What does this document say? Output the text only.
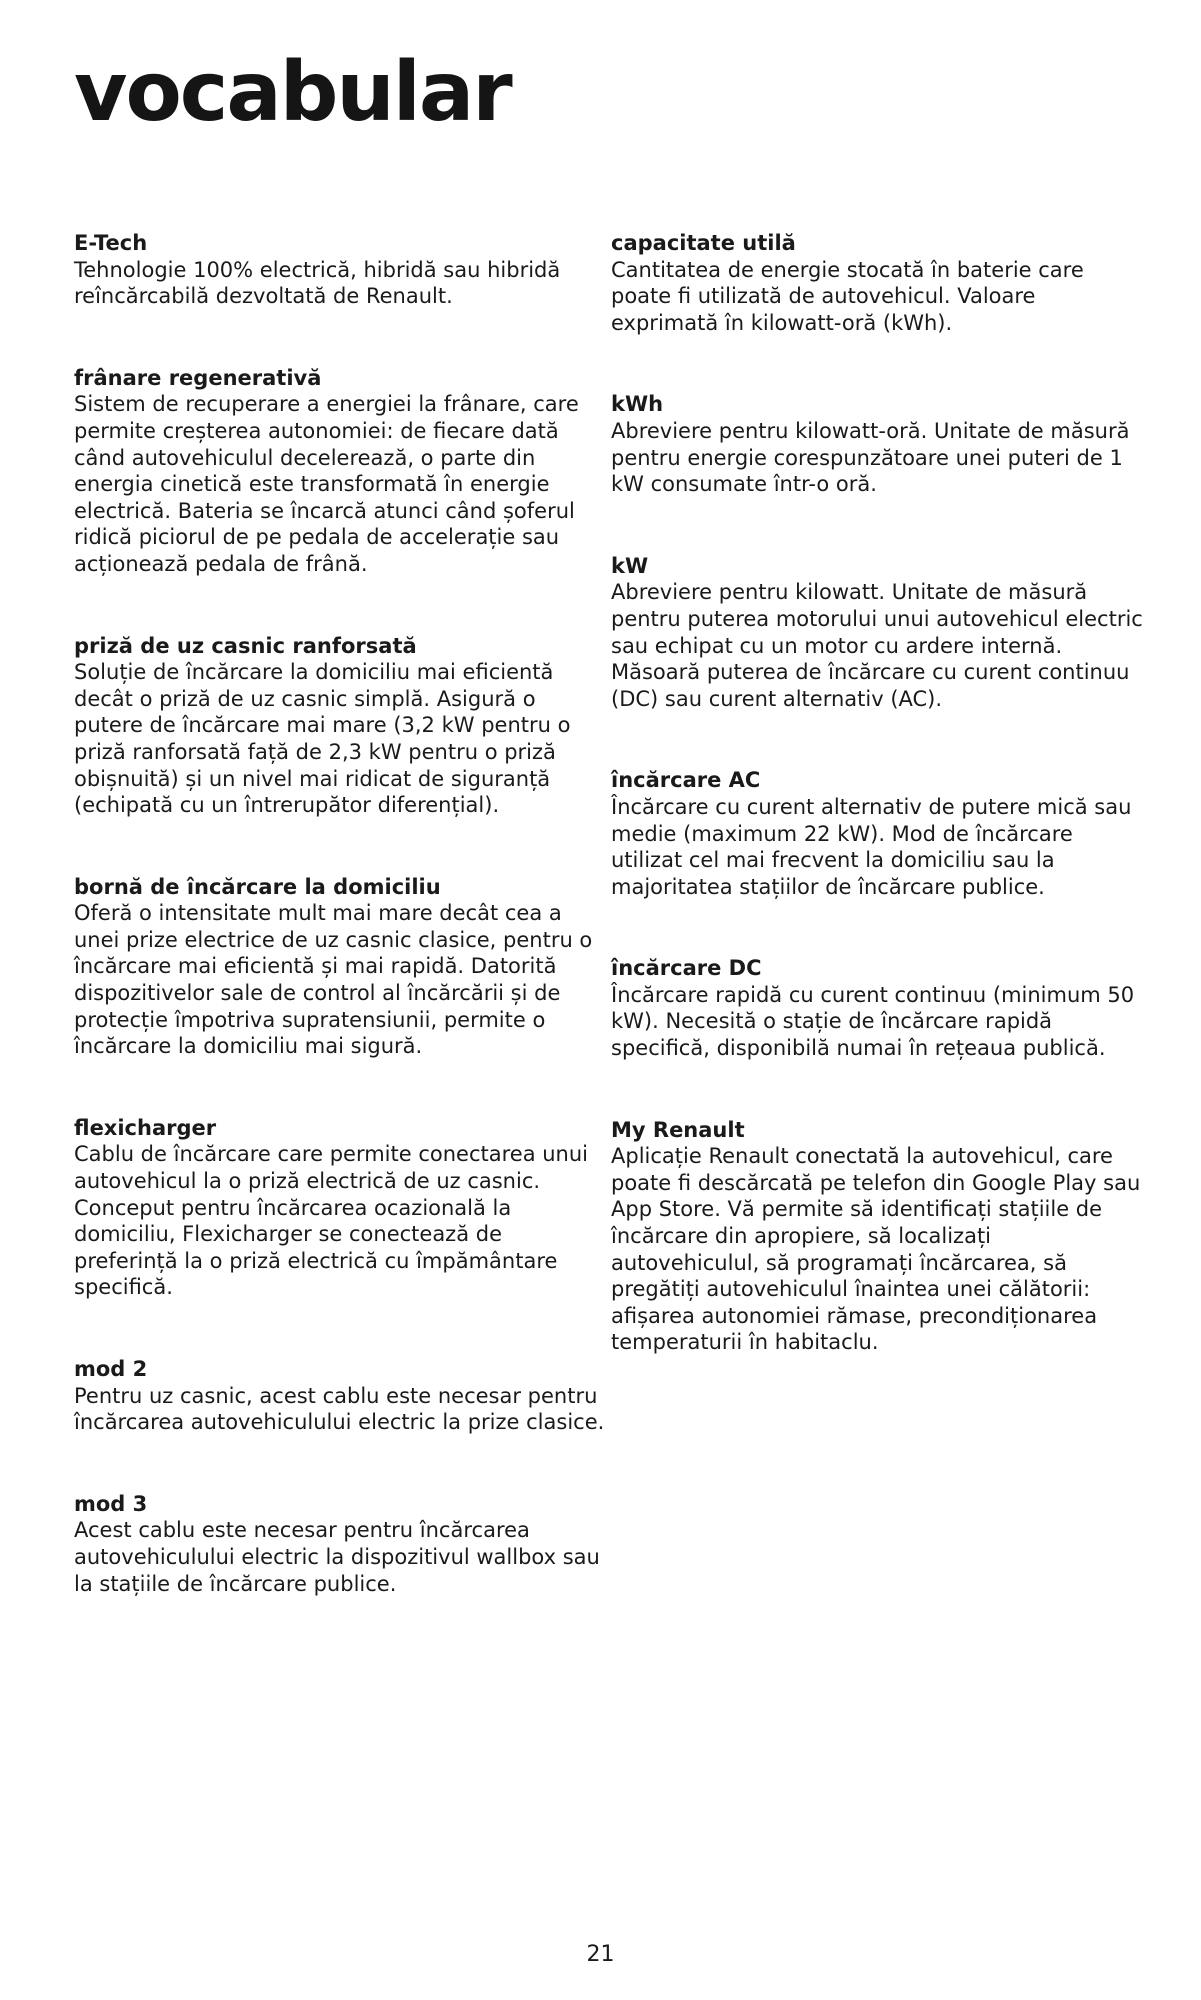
vocabular
E-Tech
Tehnologie 100% electrică, hibridă sau hibridă reîncărcabilă dezvoltată de Renault.
frânare regenerativă
Sistem de recuperare a energiei la frânare, care permite creșterea autonomiei: de fiecare dată când autovehiculul decelerează, o parte din energia cinetică este transformată în energie electrică. Bateria se încarcă atunci când șoferul ridică piciorul de pe pedala de accelerație sau acționează pedala de frână.
priză de uz casnic ranforsată
Soluție de încărcare la domiciliu mai eficientă decât o priză de uz casnic simplă. Asigură o putere de încărcare mai mare (3,2 kW pentru o priză ranforsată față de 2,3 kW pentru o priză obișnuită) și un nivel mai ridicat de siguranță (echipată cu un întrerupător diferențial).
bornă de încărcare la domiciliu
Oferă o intensitate mult mai mare decât cea a unei prize electrice de uz casnic clasice, pentru o încărcare mai eficientă și mai rapidă. Datorită dispozitivelor sale de control al încărcării și de protecție împotriva supratensiunii, permite o încărcare la domiciliu mai sigură.
flexicharger
Cablu de încărcare care permite conectarea unui autovehicul la o priză electrică de uz casnic. Conceput pentru încărcarea ocazională la domiciliu, Flexicharger se conectează de preferință la o priză electrică cu împământare specifică.
mod 2
Pentru uz casnic, acest cablu este necesar pentru încărcarea autovehiculului electric la prize clasice.
mod 3
Acest cablu este necesar pentru încărcarea autovehiculului electric la dispozitivul wallbox sau la stațiile de încărcare publice.
capacitate utilă
Cantitatea de energie stocată în baterie care poate fi utilizată de autovehicul. Valoare exprimată în kilowatt-oră (kWh).
kWh
Abreviere pentru kilowatt-oră. Unitate de măsură pentru energie corespunzătoare unei puteri de 1 kW consumate într-o oră.
kW
Abreviere pentru kilowatt. Unitate de măsură pentru puterea motorului unui autovehicul electric sau echipat cu un motor cu ardere internă. Măsoară puterea de încărcare cu curent continuu (DC) sau curent alternativ (AC).
încărcare AC
Încărcare cu curent alternativ de putere mică sau medie (maximum 22 kW). Mod de încărcare utilizat cel mai frecvent la domiciliu sau la majoritatea stațiilor de încărcare publice.
încărcare DC
Încărcare rapidă cu curent continuu (minimum 50 kW). Necesită o stație de încărcare rapidă specifică, disponibilă numai în rețeaua publică.
My Renault
Aplicație Renault conectată la autovehicul, care poate fi descărcată pe telefon din Google Play sau App Store. Vă permite să identificați stațiile de încărcare din apropiere, să localizați autovehiculul, să programați încărcarea, să pregătiți autovehiculul înaintea unei călătorii: afișarea autonomiei rămase, precondiționarea temperaturii în habitaclu.
21
